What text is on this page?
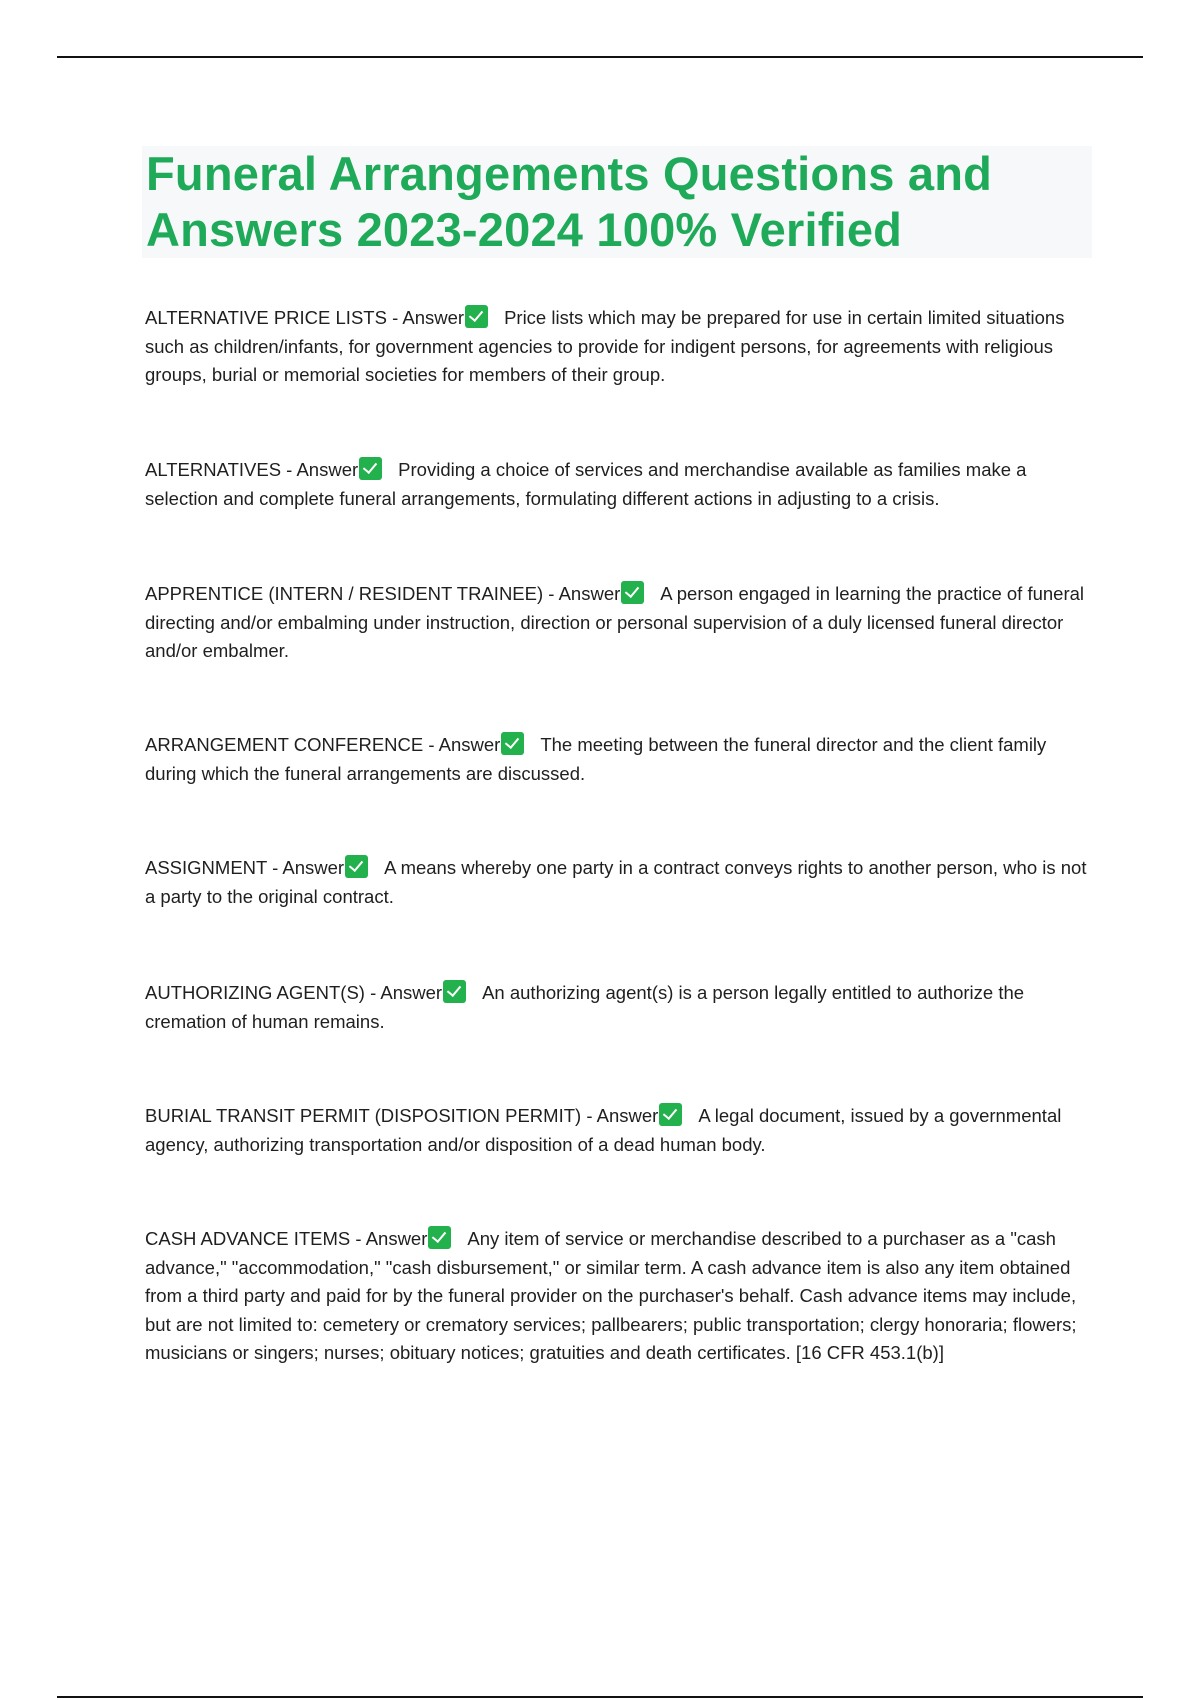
Funeral Arrangements Questions and Answers 2023-2024 100% Verified

ALTERNATIVE PRICE LISTS - Answer Price lists which may be prepared for use in certain limited situations such as children/infants, for government agencies to provide for indigent persons, for agreements with religious groups, burial or memorial societies for members of their group.

ALTERNATIVES - Answer Providing a choice of services and merchandise available as families make a selection and complete funeral arrangements, formulating different actions in adjusting to a crisis.

APPRENTICE (INTERN / RESIDENT TRAINEE) - Answer A person engaged in learning the practice of funeral directing and/or embalming under instruction, direction or personal supervision of a duly licensed funeral director and/or embalmer.

ARRANGEMENT CONFERENCE - Answer The meeting between the funeral director and the client family during which the funeral arrangements are discussed.

ASSIGNMENT - Answer A means whereby one party in a contract conveys rights to another person, who is not a party to the original contract.

AUTHORIZING AGENT(S) - Answer An authorizing agent(s) is a person legally entitled to authorize the cremation of human remains.

BURIAL TRANSIT PERMIT (DISPOSITION PERMIT) - Answer A legal document, issued by a governmental agency, authorizing transportation and/or disposition of a dead human body.

CASH ADVANCE ITEMS - Answer Any item of service or merchandise described to a purchaser as a "cash advance," "accommodation," "cash disbursement," or similar term. A cash advance item is also any item obtained from a third party and paid for by the funeral provider on the purchaser's behalf. Cash advance items may include, but are not limited to: cemetery or crematory services; pallbearers; public transportation; clergy honoraria; flowers; musicians or singers; nurses; obituary notices; gratuities and death certificates. [16 CFR 453.1(b)]
